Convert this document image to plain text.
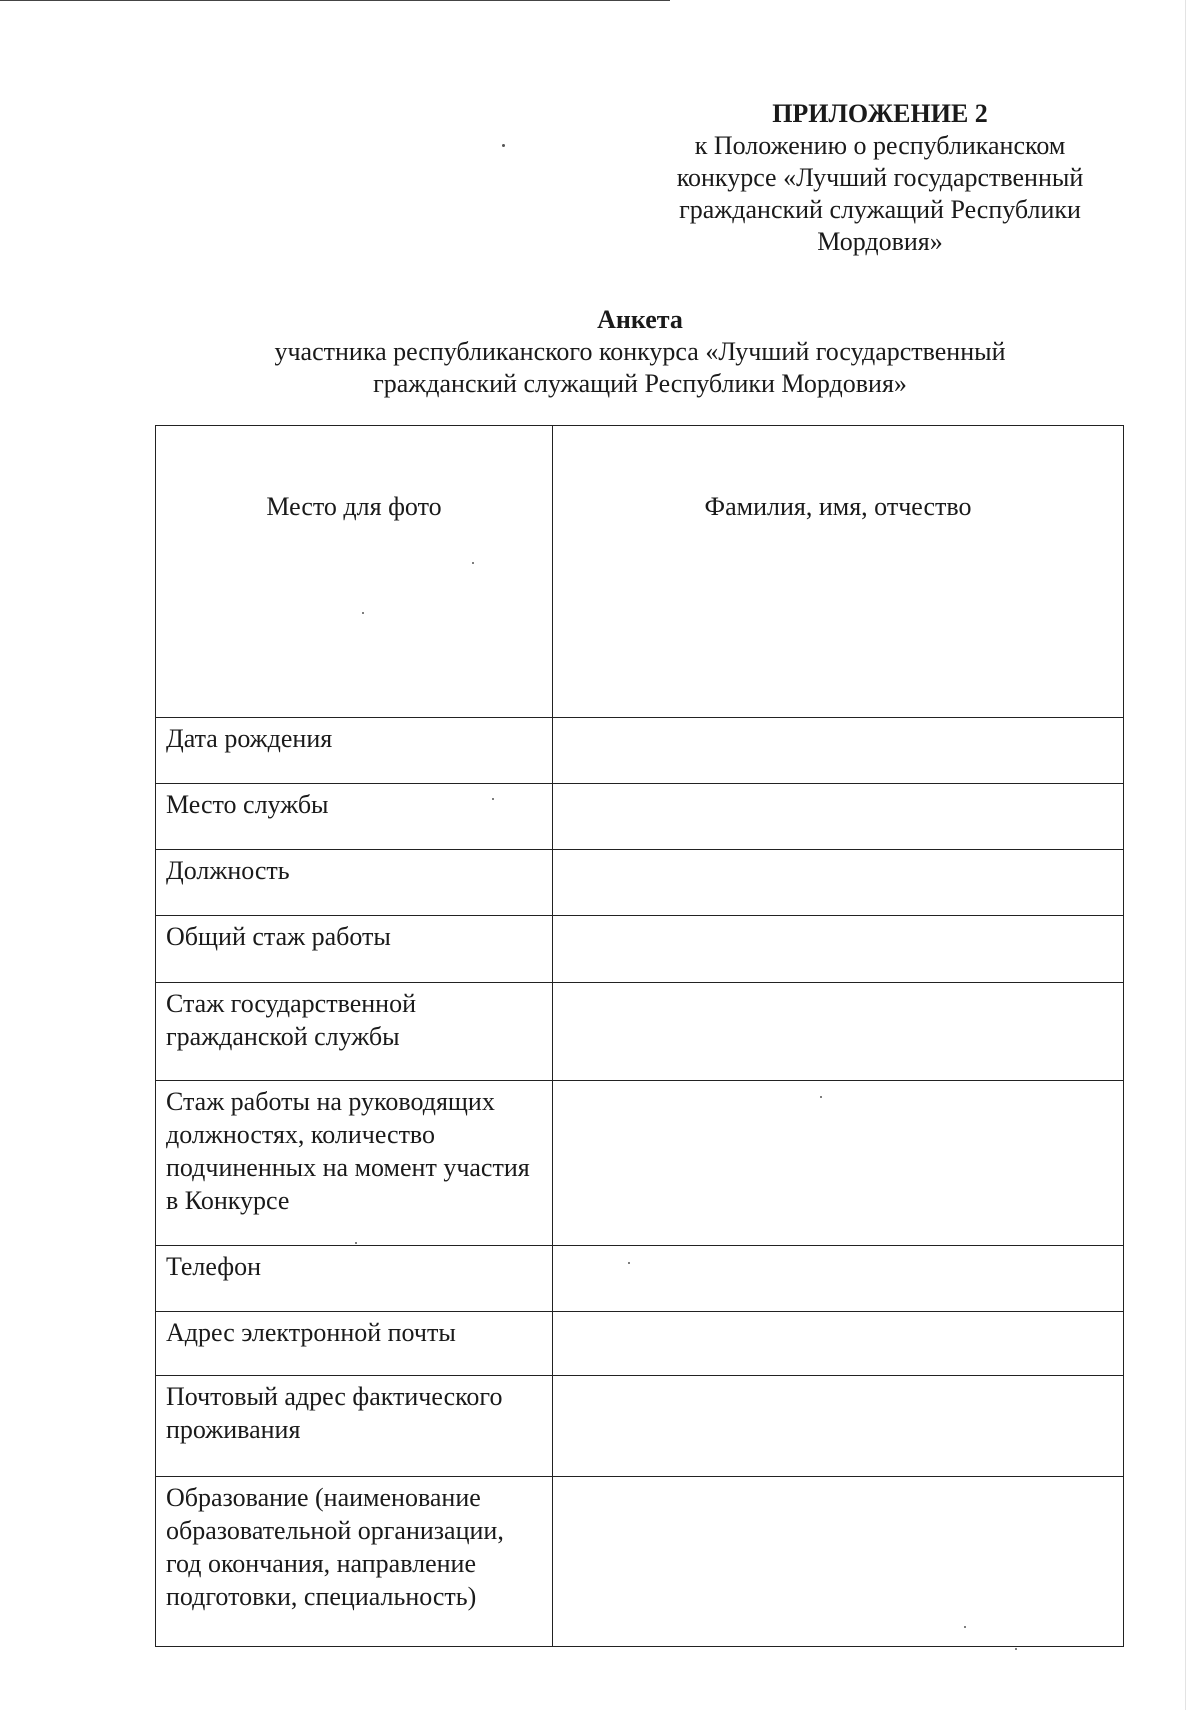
ПРИЛОЖЕНИЕ 2
к Положению о республиканском
конкурсе «Лучший государственный
гражданский служащий Республики
Мордовия»
Анкета
участника республиканского конкурса «Лучший государственный
гражданский служащий Республики Мордовия»
Место для фото	Фамилия, имя, отчество
Дата рождения	
Место службы	
Должность	
Общий стаж работы	
Стаж государственной гражданской службы	
Стаж работы на руководящих должностях, количество подчиненных на момент участия в Конкурсе	
Телефон	
Адрес электронной почты	
Почтовый адрес фактического проживания	
Образование (наименование образовательной организации, год окончания, направление подготовки, специальность)	
